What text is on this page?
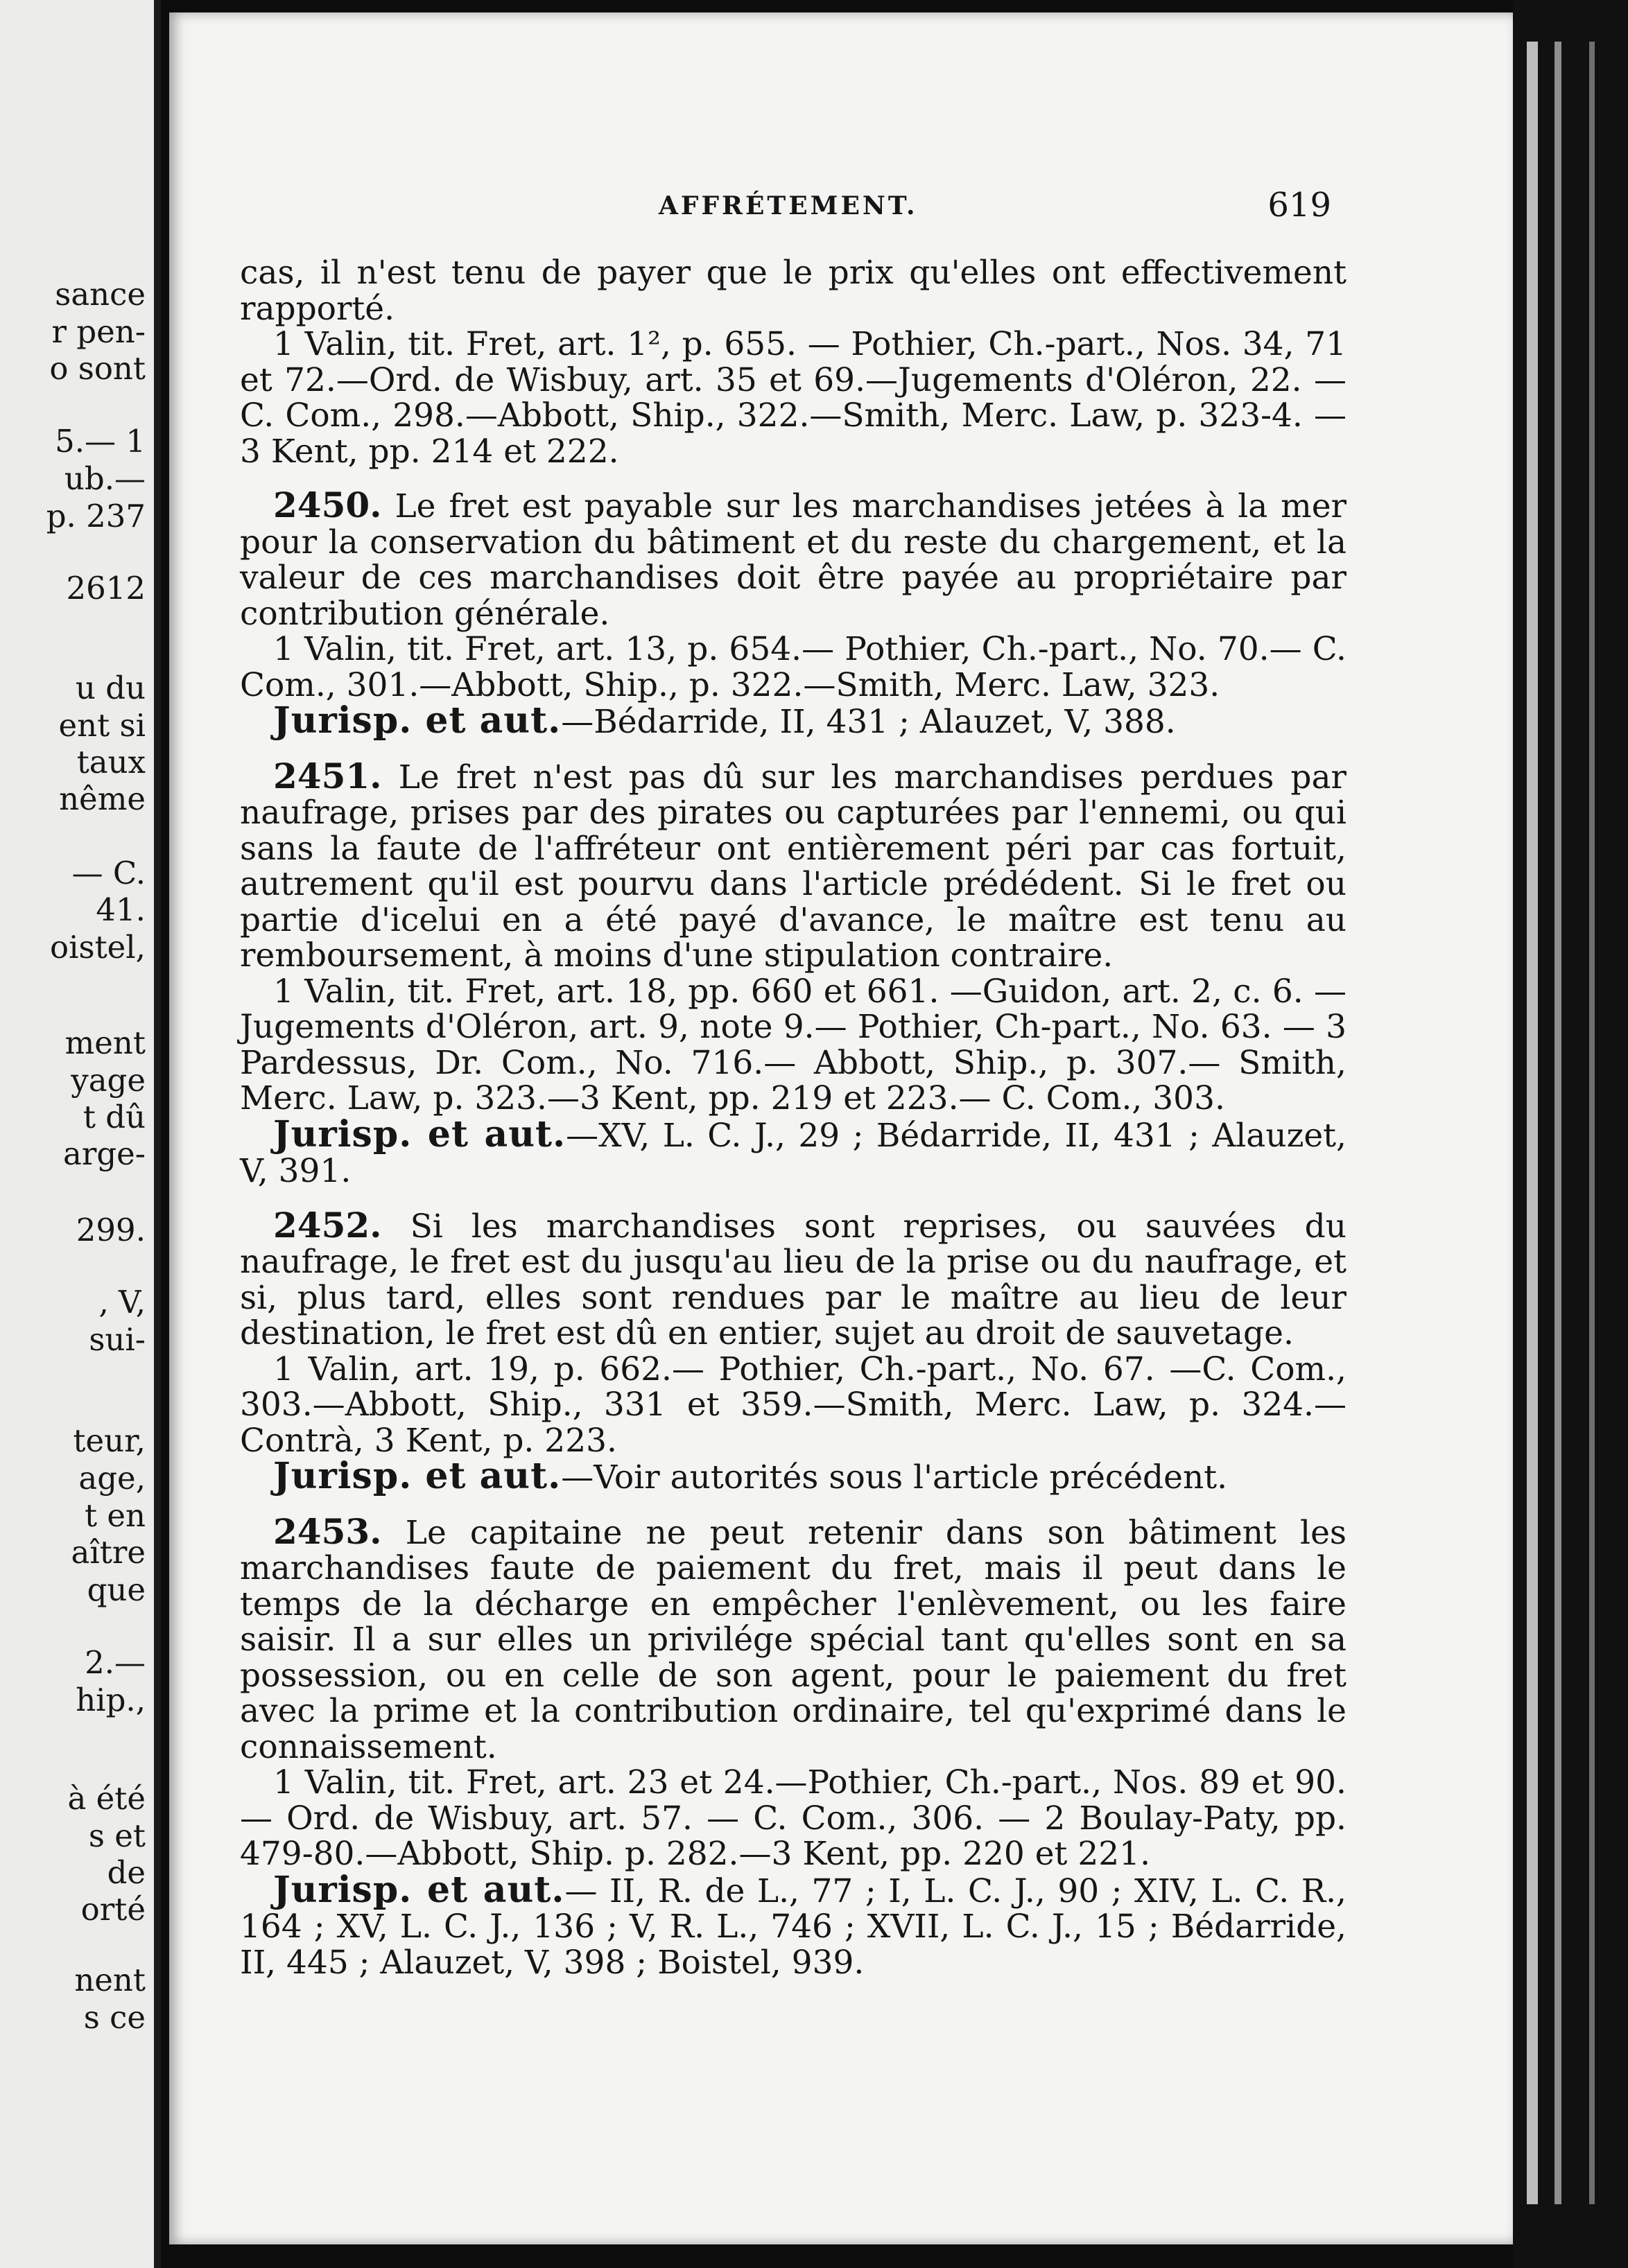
sance
r pen-
o sont
5.— 1
ub.—
p. 237
2612
u du
ent si
taux
nême
— C.
41.
oistel,
ment
yage
t dû
arge-
299.
, V,
sui-
teur,
age,
t en
aître
que
2.—
hip.,
à été
s et
de
orté
nent
s ce
AFFRÉTEMENT.	619

cas, il n'est tenu de payer que le prix qu'elles ont effectivement rapporté.

1 Valin, tit. Fret, art. 1², p. 655. — Pothier, Ch.-part., Nos. 34, 71 et 72.—Ord. de Wisbuy, art. 35 et 69.—Jugements d'Oléron, 22. —C. Com., 298.—Abbott, Ship., 322.—Smith, Merc. Law, p. 323-4. —3 Kent, pp. 214 et 222.

2450. Le fret est payable sur les marchandises jetées à la mer pour la conservation du bâtiment et du reste du chargement, et la valeur de ces marchandises doit être payée au propriétaire par contribution générale.

1 Valin, tit. Fret, art. 13, p. 654.— Pothier, Ch.-part., No. 70.— C. Com., 301.—Abbott, Ship., p. 322.—Smith, Merc. Law, 323.

Jurisp. et aut.—Bédarride, II, 431 ; Alauzet, V, 388.

2451. Le fret n'est pas dû sur les marchandises perdues par naufrage, prises par des pirates ou capturées par l'ennemi, ou qui sans la faute de l'affréteur ont entièrement péri par cas fortuit, autrement qu'il est pourvu dans l'article prédédent. Si le fret ou partie d'icelui en a été payé d'avance, le maître est tenu au remboursement, à moins d'une stipulation contraire.

1 Valin, tit. Fret, art. 18, pp. 660 et 661. —Guidon, art. 2, c. 6. —Jugements d'Oléron, art. 9, note 9.— Pothier, Ch-part., No. 63. — 3 Pardessus, Dr. Com., No. 716.— Abbott, Ship., p. 307.— Smith, Merc. Law, p. 323.—3 Kent, pp. 219 et 223.— C. Com., 303.

Jurisp. et aut.—XV, L. C. J., 29 ; Bédarride, II, 431 ; Alauzet, V, 391.

2452. Si les marchandises sont reprises, ou sauvées du naufrage, le fret est du jusqu'au lieu de la prise ou du naufrage, et si, plus tard, elles sont rendues par le maître au lieu de leur destination, le fret est dû en entier, sujet au droit de sauvetage.

1 Valin, art. 19, p. 662.— Pothier, Ch.-part., No. 67. —C. Com., 303.—Abbott, Ship., 331 et 359.—Smith, Merc. Law, p. 324.—Contrà, 3 Kent, p. 223.

Jurisp. et aut.—Voir autorités sous l'article précédent.

2453. Le capitaine ne peut retenir dans son bâtiment les marchandises faute de paiement du fret, mais il peut dans le temps de la décharge en empêcher l'enlèvement, ou les faire saisir. Il a sur elles un privilége spécial tant qu'elles sont en sa possession, ou en celle de son agent, pour le paiement du fret avec la prime et la contribution ordinaire, tel qu'exprimé dans le connaissement.

1 Valin, tit. Fret, art. 23 et 24.—Pothier, Ch.-part., Nos. 89 et 90. — Ord. de Wisbuy, art. 57. — C. Com., 306. — 2 Boulay-Paty, pp. 479-80.—Abbott, Ship. p. 282.—3 Kent, pp. 220 et 221.

Jurisp. et aut.— II, R. de L., 77 ; I, L. C. J., 90 ; XIV, L. C. R., 164 ; XV, L. C. J., 136 ; V, R. L., 746 ; XVII, L. C. J., 15 ; Bédarride, II, 445 ; Alauzet, V, 398 ; Boistel, 939.
